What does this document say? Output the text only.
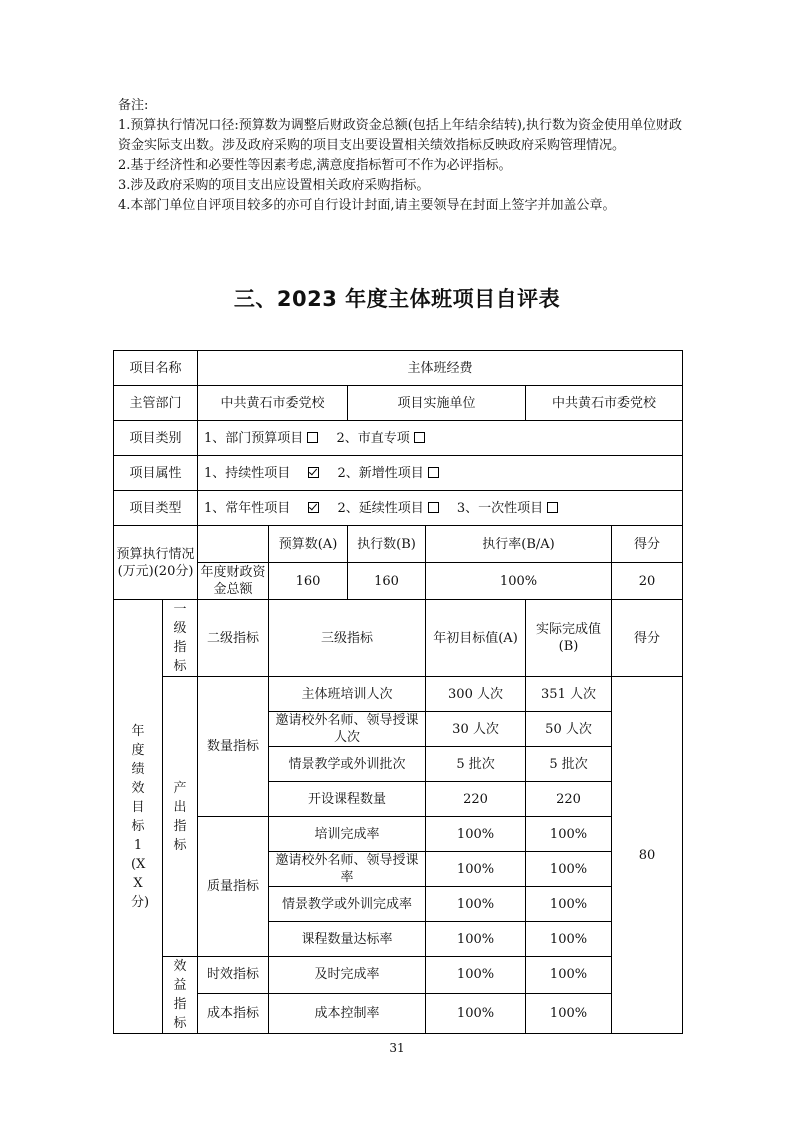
备注:

1.预算执行情况口径:预算数为调整后财政资金总额(包括上年结余结转),执行数为资金使用单位财政资金实际支出数。涉及政府采购的项目支出要设置相关绩效指标反映政府采购管理情况。

2.基于经济性和必要性等因素考虑,满意度指标暂可不作为必评指标。

3.涉及政府采购的项目支出应设置相关政府采购指标。

4.本部门单位自评项目较多的亦可自行设计封面,请主要领导在封面上签字并加盖公章。

三、2023 年度主体班项目自评表
项目名称		主体班经费					
主管部门		中共黄石市委党校		项目实施单位		中共黄石市委党校	
项目类别		1、部门预算项目 2、市直专项					
项目属性		1、持续性项目 2、新增性项目					
项目类型		1、常年性项目 2、延续性项目 3、一次性项目					
预算执行情况(万元)(20分)			预算数(A)	执行数(B)	执行率(B/A)		得分
		年度财政资金总额	160	160	100%		20

年度绩效目标1(XX分)	一级指标	二级指标	三级指标		年初目标值(A)	实际完成值(B)	得分

	产出指标	数量指标	主体班培训人次		300 人次	351 人次	80
			邀请校外名师、领导授课人次		30 人次	50 人次	
			情景教学或外训批次		5 批次	5 批次	
			开设课程数量		220	220	
		质量指标	培训完成率		100%	100%	
			邀请校外名师、领导授课率		100%	100%	
			情景教学或外训完成率		100%	100%	
			课程数量达标率		100%	100%	

	效益指标	时效指标	及时完成率		100%	100%	
		成本指标	成本控制率		100%	100%	
31
